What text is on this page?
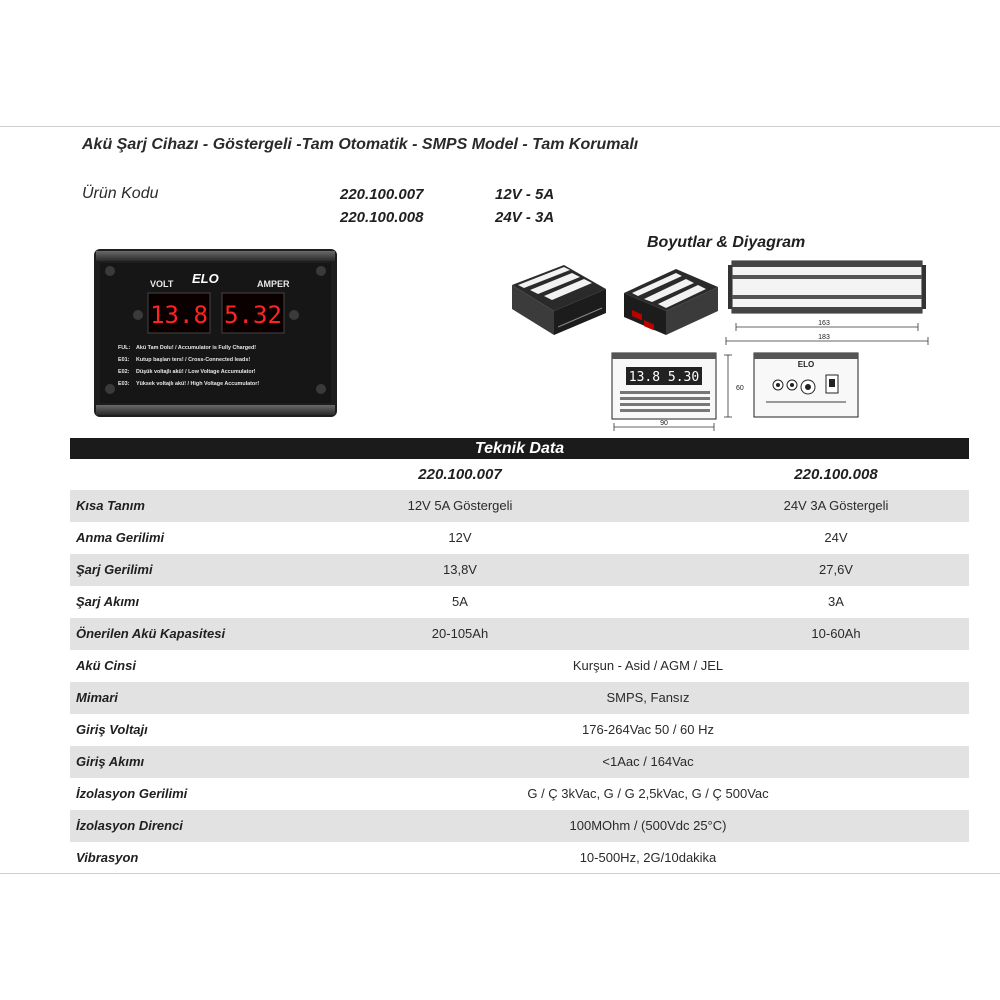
Akü Şarj Cihazı - Göstergeli -Tam Otomatik - SMPS Model - Tam Korumalı
Ürün Kodu	220.100.007	12V - 5A
220.100.008	24V - 3A
VOLT ELO	AMPER
13.8 5.32
FUL: Akü Tam Dolu! / Accumulator is Fully Charged!
E01: Kutup başları ters! / Cross-Connected leads!
E02: Düşük voltajlı akü! / Low Voltage Accumulator!
E03: Yüksek voltajlı akü! / High Voltage Accumulator!
Boyutlar & Diyagram
163
183
13.8 5.30
60
90
ELO
Teknik Data
220.100.007	220.100.008
Kısa Tanım	12V 5A Göstergeli	24V 3A Göstergeli
Anma Gerilimi	12V	24V
Şarj Gerilimi	13,8V	27,6V
Şarj Akımı	5A	3A
Önerilen Akü Kapasitesi	20-105Ah	10-60Ah
Akü Cinsi	Kurşun - Asid / AGM / JEL
Mimari	SMPS, Fansız
Giriş Voltajı	176-264Vac 50 / 60 Hz
Giriş Akımı	<1Aac / 164Vac
İzolasyon Gerilimi	G / Ç 3kVac, G / G 2,5kVac, G / Ç 500Vac
İzolasyon Direnci	100MOhm / (500Vdc 25°C)
Vibrasyon	10-500Hz, 2G/10dakika
